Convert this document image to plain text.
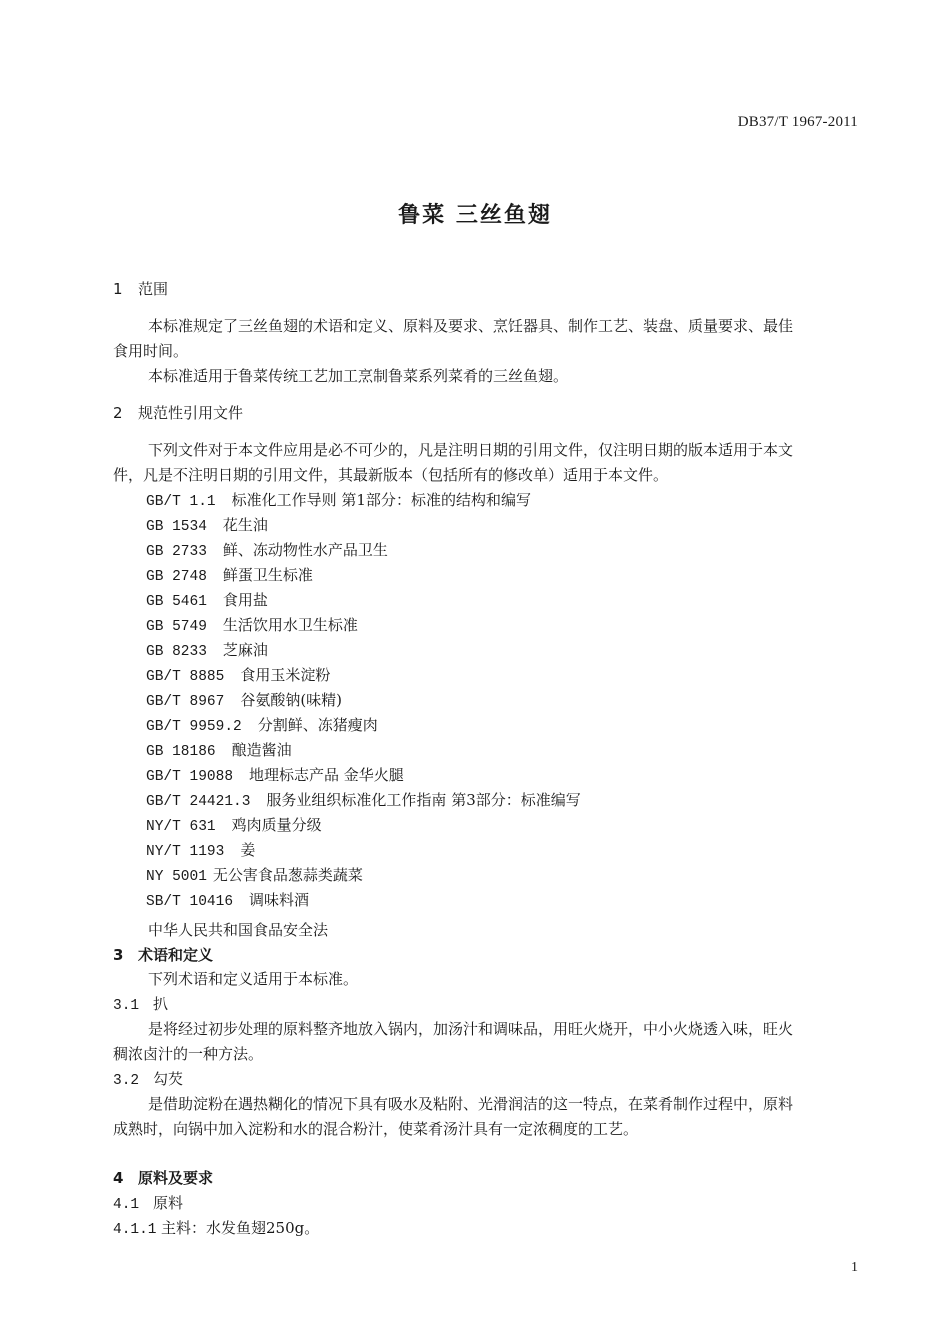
DB37/T 1967-2011
鲁菜 三丝鱼翅
1 范围
本标准规定了三丝鱼翅的术语和定义、原料及要求、烹饪器具、制作工艺、装盘、质量要求、最佳
食用时间。
本标准适用于鲁菜传统工艺加工烹制鲁菜系列菜肴的三丝鱼翅。
2 规范性引用文件
下列文件对于本文件应用是必不可少的，凡是注明日期的引用文件，仅注明日期的版本适用于本文
件，凡是不注明日期的引用文件，其最新版本（包括所有的修改单）适用于本文件。
GB/T 1.1 标准化工作导则 第1部分：标准的结构和编写
GB 1534 花生油
GB 2733 鲜、冻动物性水产品卫生
GB 2748 鲜蛋卫生标准
GB 5461 食用盐
GB 5749 生活饮用水卫生标准
GB 8233 芝麻油
GB/T 8885 食用玉米淀粉
GB/T 8967 谷氨酸钠(味精)
GB/T 9959.2 分割鲜、冻猪瘦肉
GB 18186 酿造酱油
GB/T 19088 地理标志产品 金华火腿
GB/T 24421.3 服务业组织标准化工作指南 第3部分：标准编写
NY/T 631 鸡肉质量分级
NY/T 1193 姜
NY 5001 无公害食品葱蒜类蔬菜
SB/T 10416 调味料酒
中华人民共和国食品安全法
3 术语和定义
下列术语和定义适用于本标准。
3.1 扒
是将经过初步处理的原料整齐地放入锅内，加汤汁和调味品，用旺火烧开，中小火烧透入味，旺火
稠浓卤汁的一种方法。
3.2 勾芡
是借助淀粉在遇热糊化的情况下具有吸水及粘附、光滑润洁的这一特点，在菜肴制作过程中，原料
成熟时，向锅中加入淀粉和水的混合粉汁，使菜肴汤汁具有一定浓稠度的工艺。
4 原料及要求
4.1 原料
4.1.1 主料：水发鱼翅250g。
1
